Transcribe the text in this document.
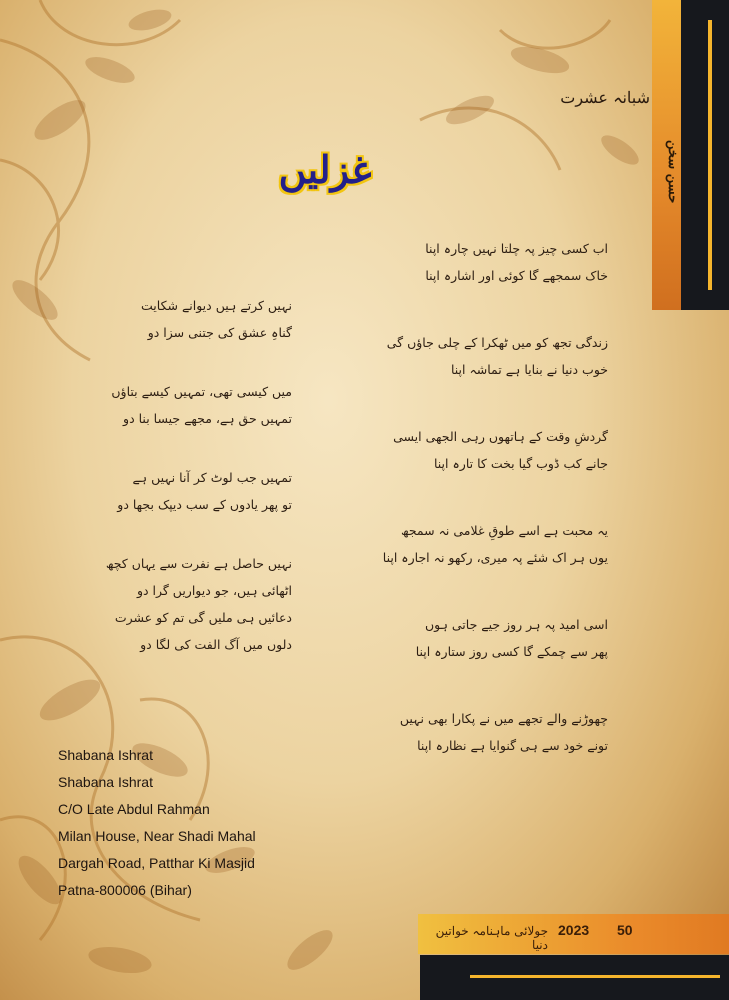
حسن سخن
شبانہ عشرت
غزلیں
اب کسی چیز پہ چلتا نہیں چارہ اپنا
خاک سمجھے گا کوئی اور اشارہ اپنا
زندگی تجھ کو میں ٹھکرا کے چلی جاؤں گی
خوب دنیا نے بنایا ہے تماشہ اپنا
گردشِ وقت کے ہاتھوں رہی الجھی ایسی
جانے کب ڈوب گیا بخت کا تارہ اپنا
یہ محبت ہے اسے طوقِ غلامی نہ سمجھ
یوں ہر اک شئے پہ میری، رکھو نہ اجارہ اپنا
اسی امید پہ ہر روز جیے جاتی ہوں
پھر سے چمکے گا کسی روز ستارہ اپنا
چھوڑنے والے تجھے میں نے پکارا بھی نہیں
تونے خود سے ہی گنوایا ہے نظارہ اپنا
نہیں کرتے ہیں دیوانے شکایت
گناہِ عشق کی جتنی سزا دو
میں کیسی تھی، تمہیں کیسے بتاؤں
تمہیں حق ہے، مجھے جیسا بنا دو
تمہیں جب لوٹ کر آنا نہیں ہے
تو پھر یادوں کے سب دیپک بجھا دو
نہیں حاصل ہے نفرت سے یہاں کچھ
اٹھائی ہیں، جو دیواریں گرا دو
دعائیں ہی ملیں گی تم کو عشرت
دلوں میں آگ الفت کی لگا دو
Shabana Ishrat
Shabana Ishrat
C/O Late Abdul Rahman
Milan House, Near Shadi Mahal
Dargah Road, Patthar Ki Masjid
Patna-800006 (Bihar)
جولائی ماہنامہ خواتین دنیا
2023 50
